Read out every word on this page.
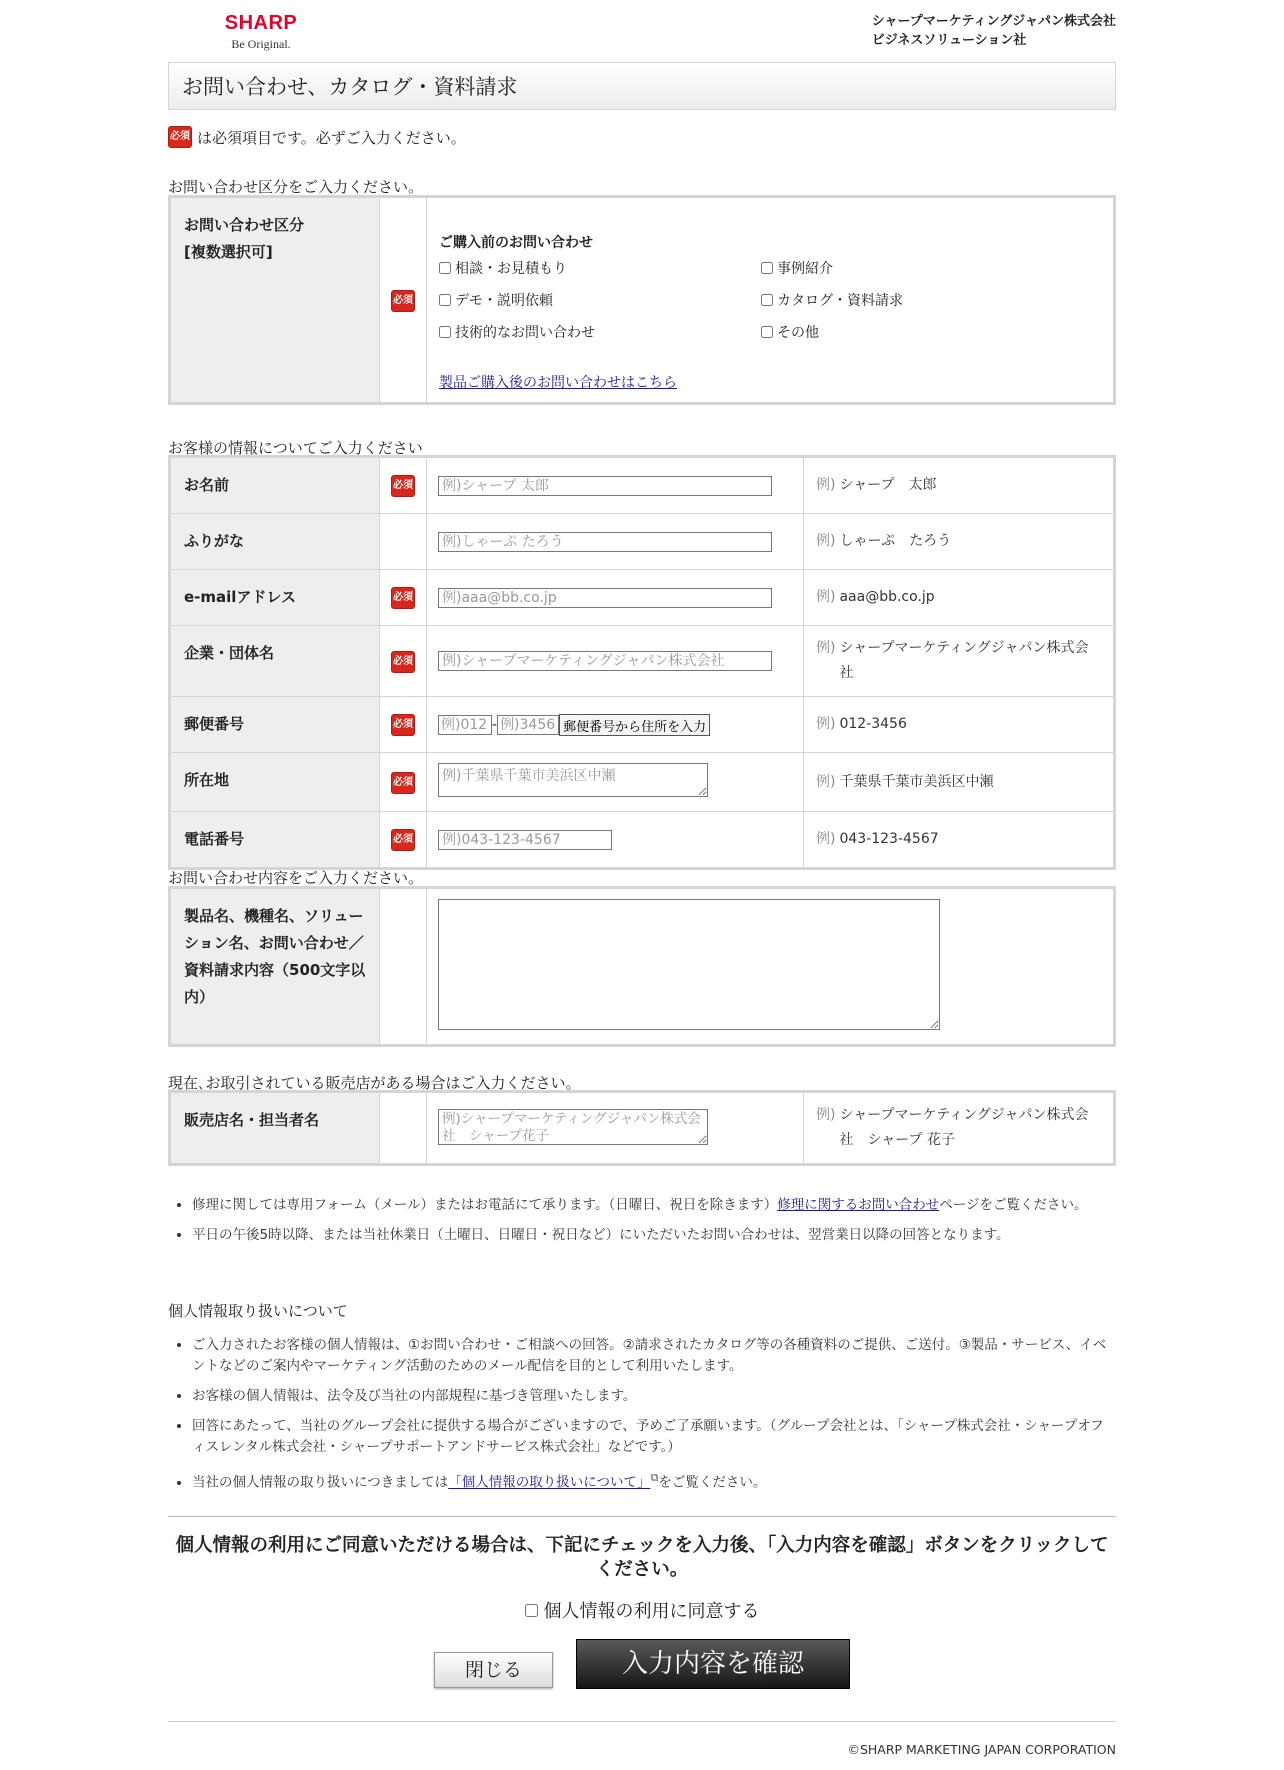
SHARP
Be Original.
シャープマーケティングジャパン株式会社
ビジネスソリューション社
お問い合わせ、カタログ・資料請求
必須 は必須項目です。必ずご入力ください。
お問い合わせ区分をご入力ください。
お問い合わせ区分
[複数選択可]
	必須	
ご購入前のお問い合わせ
相談・お見積もり	事例紹介
デモ・説明依頼	カタログ・資料請求
技術的なお問い合わせ	その他
製品ご購入後のお問い合わせはこちら
お客様の情報についてご入力ください
お名前	必須	例)シャープ 太郎	例) シャープ　太郎
ふりがな		例)しゃーぷ たろう	例) しゃーぷ　たろう
e-mailアドレス	必須	例)aaa@bb.co.jp	例) aaa@bb.co.jp
企業・団体名	必須	例)シャープマーケティングジャパン株式会社	例) シャープマーケティングジャパン株式会社

郵便番号	必須	例)012-例)3456 郵便番号から住所を入力	例) 012-3456
所在地	必須	例)千葉県千葉市美浜区中瀬	例) 千葉県千葉市美浜区中瀬
電話番号	必須	例)043-123-4567	例) 043-123-4567
お問い合わせ内容をご入力ください。
製品名、機種名、ソリューション名、お問い合わせ／資料請求内容（500文字以内）		
現在､お取引されている販売店がある場合はご入力ください。
販売店名・担当者名		例)シャープマーケティングジャパン株式会社　シャープ花子	例) シャープマーケティングジャパン株式会社　シャープ 花子
• 修理に関しては専用フォーム（メール）またはお電話にて承ります。（日曜日、祝日を除きます）修理に関するお問い合わせページをご覧ください。
• 平日の午後5時以降、または当社休業日（土曜日、日曜日・祝日など）にいただいたお問い合わせは、翌営業日以降の回答となります。
個人情報取り扱いについて
• ご入力されたお客様の個人情報は、①お問い合わせ・ご相談への回答。②請求されたカタログ等の各種資料のご提供、ご送付。③製品・サービス、イベントなどのご案内やマーケティング活動のためのメール配信を目的として利用いたします。
• お客様の個人情報は、法令及び当社の内部規程に基づき管理いたします。
• 回答にあたって、当社のグループ会社に提供する場合がございますので、予めご了承願います。（グループ会社とは、「シャープ株式会社・シャープオフィスレンタル株式会社・シャープサポートアンドサービス株式会社」などです。）
• 当社の個人情報の取り扱いにつきましては「個人情報の取り扱いについて」⧉をご覧ください。
個人情報の利用にご同意いただける場合は、下記にチェックを入力後、「入力内容を確認」ボタンをクリックしてください。
個人情報の利用に同意する
閉じる	入力内容を確認
©SHARP MARKETING JAPAN CORPORATION
